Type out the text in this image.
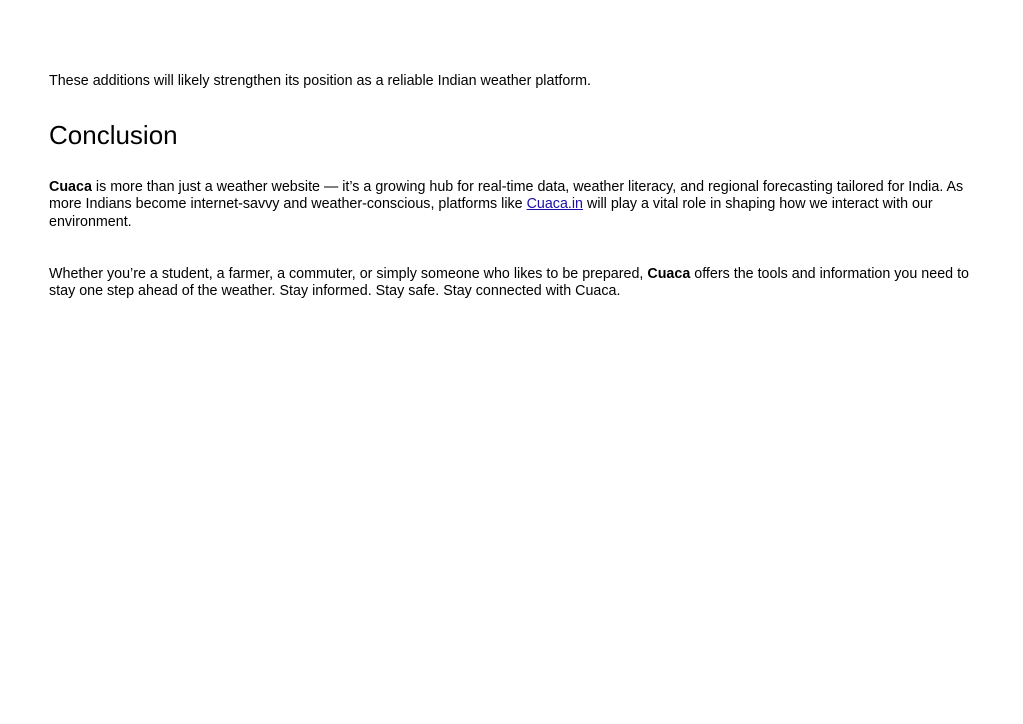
These additions will likely strengthen its position as a reliable Indian weather platform.

Conclusion

Cuaca is more than just a weather website — it’s a growing hub for real-time data, weather literacy, and regional forecasting tailored for India. As more Indians become internet-savvy and weather-conscious, platforms like Cuaca.in will play a vital role in shaping how we interact with our environment.

Whether you’re a student, a farmer, a commuter, or simply someone who likes to be prepared, Cuaca offers the tools and information you need to stay one step ahead of the weather. Stay informed. Stay safe. Stay connected with Cuaca.
